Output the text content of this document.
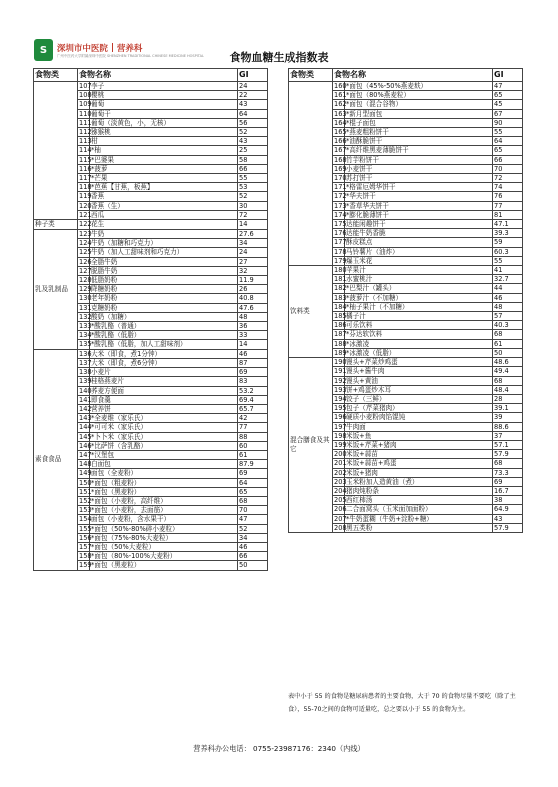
S	深圳市中医院 营养科
广州中医药大学附属深圳中医院 SHENZHEN TRADITIONAL CHINESE MEDICINE HOSPITAL	食物血糖生成指数表
食物类	食物名称		GI
	107	李子	24
	108	樱桃	22
	109	葡萄	43
	110	葡萄干	64
	111	葡萄（淡黄色，小，无核）	56
	112	猕猴桃	52
	113	柑	43
	114	*柚	25
	115	*巴婆果	58
	116	*菠萝	66
	117	*芒果	55
	118	*芭蕉【甘蕉，板蕉】	53
	119	香蕉	52
	120	香蕉（生）	30
	121	西瓜	72
种子类	122	花生	14
乳及乳制品	123	牛奶	27.6
	124	牛奶（加糖和巧克力）	34
	125	牛奶（加人工甜味剂和巧克力）	24
	126	全脂牛奶	27
	127	脱脂牛奶	32
	128	低脂奶粉	11.9
	129	降糖奶粉	26
	130	老年奶粉	40.8
	131	克糖奶粉	47.6
	132	酸奶（加糖）	48
	133	*酸乳酪（普通）	36
	134	*酸乳酪（低脂）	33
	135	*酸乳酪（低脂，加人工甜味剂）	14
素食食品	136	大米（即食，煮1分钟）	46
	137	大米（即食，煮6分钟）	87
	138	小麦片	69
	139	桂格燕麦片	83
	140	荞麦方便面	53.2
	141	即食羹	69.4
	142	营养饼	65.7
	143	*全麦维（家乐氏）	42
	144	*可可米（家乐氏）	77
	145	*卜卜米（家乐氏）	88
	146	*比萨饼（含乳酪）	60
	147	*汉堡包	61
	148	白面包	87.9
	149	面包（全麦粉）	69
	150	*面包（粗麦粉）	64
	151	*面包（黑麦粉）	65
	152	*面包（小麦粉，高纤维）	68
	153	*面包（小麦粉，去面筋）	70
	154	面包（小麦粉，含水果干）	47
	155	*面包（50%-80%碎小麦粒）	52
	156	*面包（75%-80%大麦粒）	34
	157	*面包（50%大麦粒）	46
	158	*面包（80%-100%大麦粉）	66
	159	*面包（黑麦粒）	50
食物类	食物名称		GI
	160	*面包（45%-50%燕麦麸）	47
	161	*面包（80%燕麦粒）	65
	162	*面包（混合谷物）	45
	163	*新月型面包	67
	164	*棍子面包	90
	165	*燕麦粗粉饼干	55
	166	*油酥脆饼干	64
	167	*高纤维黑麦薄脆饼干	65
	168	竹芋粉饼干	66
	169	小麦饼干	70
	170	苏打饼干	72
	171	*格雷厄姆华饼干	74
	172	*华夫饼干	76
	173	*香草华夫饼干	77
	174	*膨化脆薄饼干	81
	175	达能闲趣饼干	47.1
	176	达能牛奶香脆	39.3
	177	酥皮糕点	59
	178	马铃薯片（油炸）	60.3
	179	爆玉米花	55
饮料类	180	苹果汁	41
	181	水蜜桃汁	32.7
	182	*巴梨汁（罐头）	44
	183	*菠萝汁（不加糖）	46
	184	*柚子果汁（不加糖）	48
	185	橘子汁	57
	186	可乐饮料	40.3
	187	*芬达软饮料	68
	188	*冰激凌	61
	189	*冰激凌（低脂）	50
混合膳食及其它	190	馒头+芹菜炒鸡蛋	48.6
	191	馒头+酱牛肉	49.4
	192	馒头+黄油	68
	193	饼+鸡蛋炒木耳	48.4
	194	饺子（三鲜）	28
	195	包子（芹菜猪肉）	39.1
	196	硬质小麦粉肉馅馄饨	39
	197	牛肉面	88.6
	198	米饭+鱼	37
	199	米饭+芹菜+猪肉	57.1
	200	米饭+蒜苗	57.9
	201	米饭+蒜苗+鸡蛋	68
	202	米饭+猪肉	73.3
	203	玉米粉加人造黄油（煮）	69
	204	猪肉炖粉条	16.7
	205	西红柿汤	38
	206	二合面窝头（玉米面加面粉）	64.9
	207	*牛奶蛋糊（牛奶+淀粉+糖）	43
	208	黑五类粉	57.9
表中小于 55 的食物是糖尿病患者的主要食物，大于 70 的食物尽量不要吃（除了主食），55-70之间的食物可适量吃，总之要以小于 55 的食物为主。
营养科办公电话： 0755-23987176：2340（内线）
